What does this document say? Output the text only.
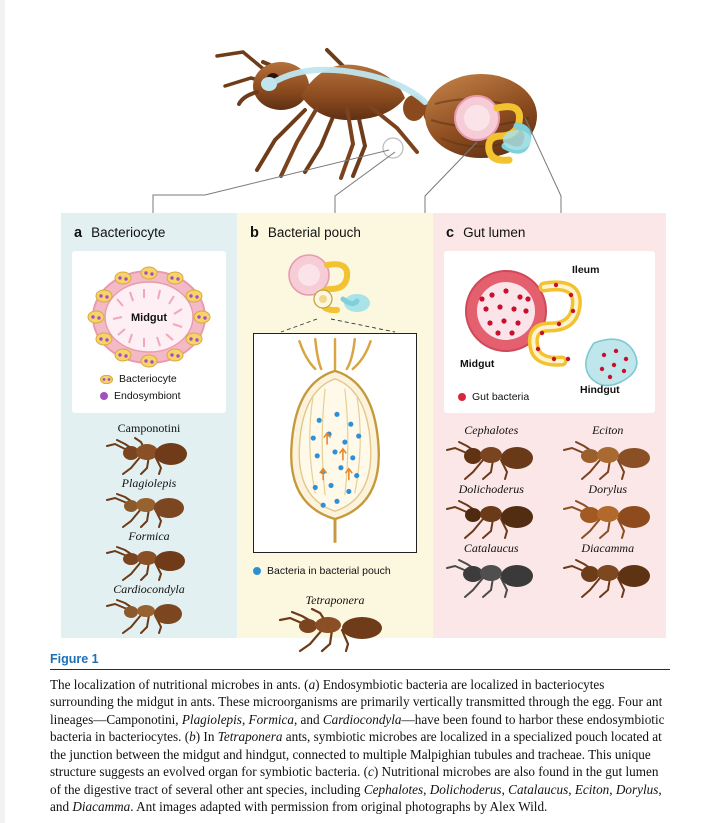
a Bacteriocyte
Midgut
Bacteriocyte
Endosymbiont
Camponotini
Plagiolepis
Formica
Cardiocondyla
b Bacterial pouch
Bacteria in bacterial pouch
Tetraponera
c Gut lumen
Ileum
Midgut
Hindgut
Gut bacteria
Cephalotes	Eciton
Dolichoderus	Dorylus
Catalaucus	Diacamma
Figure 1
The localization of nutritional microbes in ants. (a) Endosymbiotic bacteria are localized in bacteriocytes surrounding the midgut in ants. These microorganisms are primarily vertically transmitted through the egg. Four ant lineages—Camponotini, Plagiolepis, Formica, and Cardiocondyla—have been found to harbor these endosymbiotic bacteria in bacteriocytes. (b) In Tetraponera ants, symbiotic microbes are localized in a specialized pouch located at the junction between the midgut and hindgut, connected to multiple Malpighian tubules and tracheae. This unique structure suggests an evolved organ for symbiotic bacteria. (c) Nutritional microbes are also found in the gut lumen of the digestive tract of several other ant species, including Cephalotes, Dolichoderus, Catalaucus, Eciton, Dorylus, and Diacamma. Ant images adapted with permission from original photographs by Alex Wild.
